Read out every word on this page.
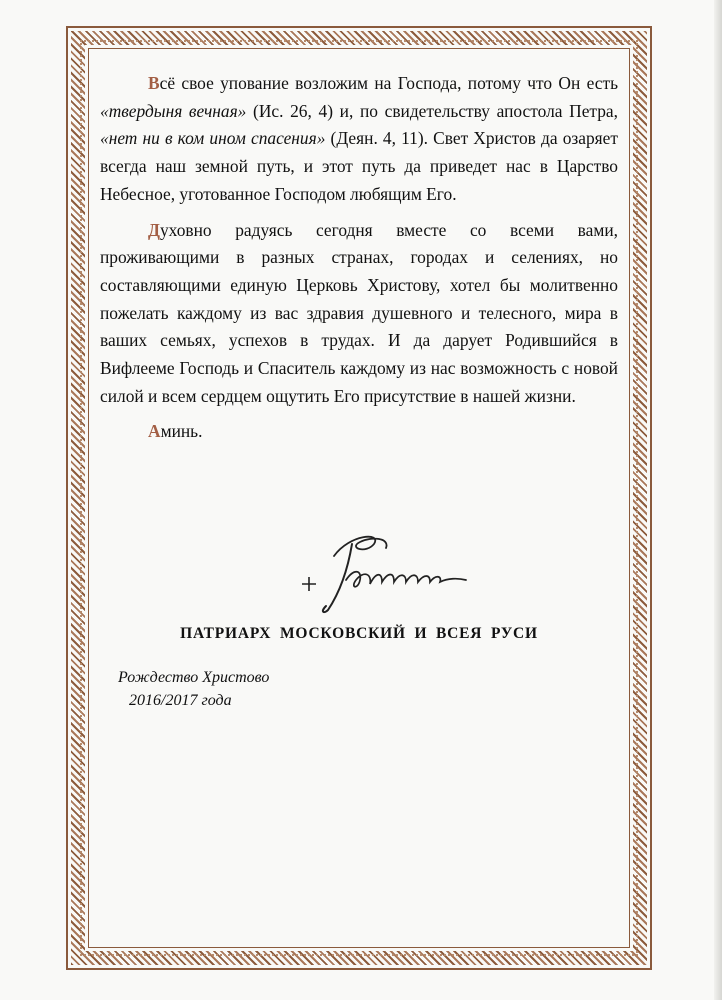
Всё свое упование возложим на Господа, потому что Он есть «твердыня вечная» (Ис. 26, 4) и, по свидетельству апостола Петра, «нет ни в ком ином спасения» (Деян. 4, 11). Свет Христов да озаряет всегда наш земной путь, и этот путь да приведет нас в Царство Небесное, уготованное Господом любящим Его.

Духовно радуясь сегодня вместе со всеми вами, проживающими в разных странах, городах и селениях, но составляющими единую Церковь Христову, хотел бы молитвенно пожелать каждому из вас здравия душевного и телесного, мира в ваших семьях, успехов в трудах. И да дарует Родившийся в Вифлееме Господь и Спаситель каждому из нас возможность с новой силой и всем сердцем ощутить Его присутствие в нашей жизни.

Аминь.

ПАТРИАРХ МОСКОВСКИЙ И ВСЕЯ РУСИ
Рождество Христово
2016/2017 года
